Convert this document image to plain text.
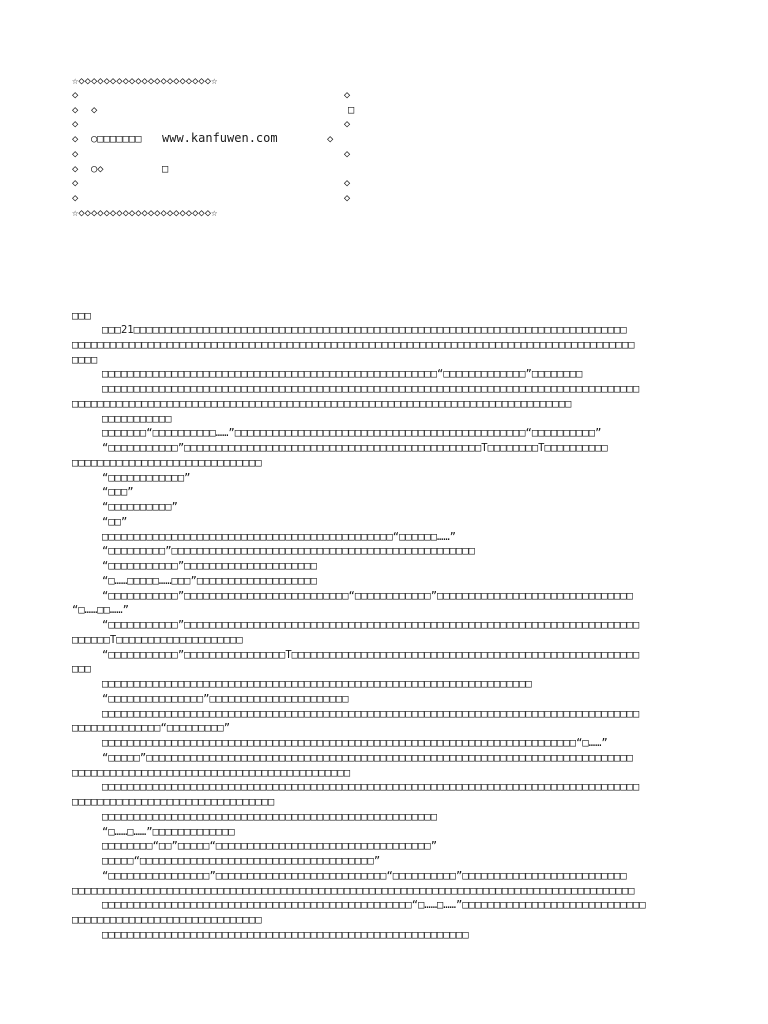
☆◇◇◇◇◇◇◇◇◇◇◇◇◇◇◇◇◇◇◇◇◇☆
◇                                          ◇
◇  ◇	□
◇                                          ◇
◇  ○□□□□□□□ www.kanfuwen.com	◇
◇                                          ◇
◇  ○◇	□
◇                                          ◇
◇                                          ◇
☆◇◇◇◇◇◇◇◇◇◇◇◇◇◇◇◇◇◇◇◇◇☆
□□□
□□□21□□□□□□□□□□□□□□□□□□□□□□□□□□□□□□□□□□□□□□□□□□□□□□□□□□□□□□□□□□□□□□□□□□□□□□□□□□□□□□
□□□□□□□□□□□□□□□□□□□□□□□□□□□□□□□□□□□□□□□□□□□□□□□□□□□□□□□□□□□□□□□□□□□□□□□□□□□□□□□□□□□□□□□□□
□□□□
□□□□□□□□□□□□□□□□□□□□□□□□□□□□□□□□□□□□□□□□□□□□□□□□□□□□□“□□□□□□□□□□□□□”□□□□□□□□
□□□□□□□□□□□□□□□□□□□□□□□□□□□□□□□□□□□□□□□□□□□□□□□□□□□□□□□□□□□□□□□□□□□□□□□□□□□□□□□□□□□□□
□□□□□□□□□□□□□□□□□□□□□□□□□□□□□□□□□□□□□□□□□□□□□□□□□□□□□□□□□□□□□□□□□□□□□□□□□□□□□□□
□□□□□□□□□□□
□□□□□□□“□□□□□□□□□□……”□□□□□□□□□□□□□□□□□□□□□□□□□□□□□□□□□□□□□□□□□□□□□□“□□□□□□□□□□”
“□□□□□□□□□□□”□□□□□□□□□□□□□□□□□□□□□□□□□□□□□□□□□□□□□□□□□□□□□□□T□□□□□□□□T□□□□□□□□□□
□□□□□□□□□□□□□□□□□□□□□□□□□□□□□□
“□□□□□□□□□□□□”
“□□□”
“□□□□□□□□□□”
“□□”
□□□□□□□□□□□□□□□□□□□□□□□□□□□□□□□□□□□□□□□□□□□□□□“□□□□□□……”
“□□□□□□□□□”□□□□□□□□□□□□□□□□□□□□□□□□□□□□□□□□□□□□□□□□□□□□□□□□
“□□□□□□□□□□□”□□□□□□□□□□□□□□□□□□□□□
“□……□□□□□……□□□”□□□□□□□□□□□□□□□□□□□
“□□□□□□□□□□□”□□□□□□□□□□□□□□□□□□□□□□□□□□“□□□□□□□□□□□□”□□□□□□□□□□□□□□□□□□□□□□□□□□□□□□□
“□……□□……”
“□□□□□□□□□□□”□□□□□□□□□□□□□□□□□□□□□□□□□□□□□□□□□□□□□□□□□□□□□□□□□□□□□□□□□□□□□□□□□□□□□□□□
□□□□□□T□□□□□□□□□□□□□□□□□□□□
“□□□□□□□□□□□”□□□□□□□□□□□□□□□□T□□□□□□□□□□□□□□□□□□□□□□□□□□□□□□□□□□□□□□□□□□□□□□□□□□□□□□□
□□□
□□□□□□□□□□□□□□□□□□□□□□□□□□□□□□□□□□□□□□□□□□□□□□□□□□□□□□□□□□□□□□□□□□□□
“□□□□□□□□□□□□□□□”□□□□□□□□□□□□□□□□□□□□□□
□□□□□□□□□□□□□□□□□□□□□□□□□□□□□□□□□□□□□□□□□□□□□□□□□□□□□□□□□□□□□□□□□□□□□□□□□□□□□□□□□□□□□
□□□□□□□□□□□□□□“□□□□□□□□□”
□□□□□□□□□□□□□□□□□□□□□□□□□□□□□□□□□□□□□□□□□□□□□□□□□□□□□□□□□□□□□□□□□□□□□□□□□□□“□……”
“□□□□□”□□□□□□□□□□□□□□□□□□□□□□□□□□□□□□□□□□□□□□□□□□□□□□□□□□□□□□□□□□□□□□□□□□□□□□□□□□□□□
□□□□□□□□□□□□□□□□□□□□□□□□□□□□□□□□□□□□□□□□□□□□
□□□□□□□□□□□□□□□□□□□□□□□□□□□□□□□□□□□□□□□□□□□□□□□□□□□□□□□□□□□□□□□□□□□□□□□□□□□□□□□□□□□□□
□□□□□□□□□□□□□□□□□□□□□□□□□□□□□□□□
□□□□□□□□□□□□□□□□□□□□□□□□□□□□□□□□□□□□□□□□□□□□□□□□□□□□□
“□……□……”□□□□□□□□□□□□□
□□□□□□□□“□□”□□□□□“□□□□□□□□□□□□□□□□□□□□□□□□□□□□□□□□□□”
□□□□□“□□□□□□□□□□□□□□□□□□□□□□□□□□□□□□□□□□□□□”
“□□□□□□□□□□□□□□□□”□□□□□□□□□□□□□□□□□□□□□□□□□□□“□□□□□□□□□□”□□□□□□□□□□□□□□□□□□□□□□□□□□
□□□□□□□□□□□□□□□□□□□□□□□□□□□□□□□□□□□□□□□□□□□□□□□□□□□□□□□□□□□□□□□□□□□□□□□□□□□□□□□□□□□□□□□□□
□□□□□□□□□□□□□□□□□□□□□□□□□□□□□□□□□□□□□□□□□□□□□□□□□“□……□……”□□□□□□□□□□□□□□□□□□□□□□□□□□□□□
□□□□□□□□□□□□□□□□□□□□□□□□□□□□□□
□□□□□□□□□□□□□□□□□□□□□□□□□□□□□□□□□□□□□□□□□□□□□□□□□□□□□□□□□□
